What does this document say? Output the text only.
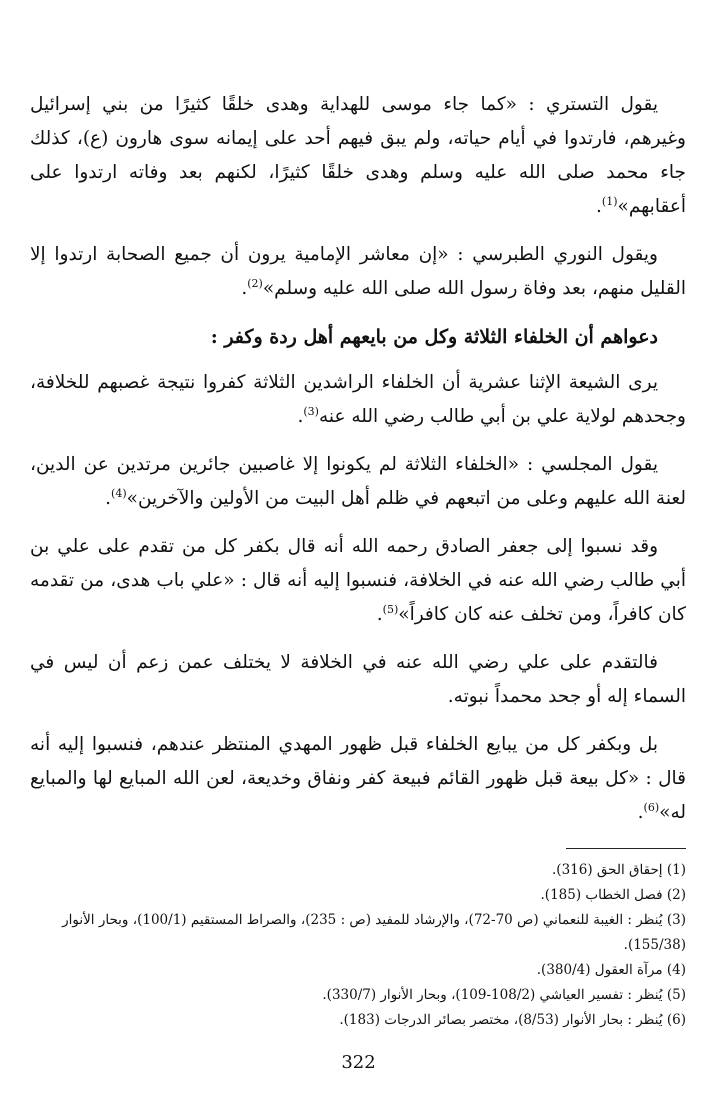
يقول التستري : «كما جاء موسى للهداية وهدى خلقًا كثيرًا من بني إسرائيل وغيرهم، فارتدوا في أيام حياته، ولم يبق فيهم أحد على إيمانه سوى هارون (ع)، كذلك جاء محمد صلى الله عليه وسلم وهدى خلقًا كثيرًا، لكنهم بعد وفاته ارتدوا على أعقابهم»$^{(1)}$.

ويقول النوري الطبرسي : «إن معاشر الإمامية يرون أن جميع الصحابة ارتدوا إلا القليل منهم، بعد وفاة رسول الله صلى الله عليه وسلم»$^{(2)}$.

دعواهم أن الخلفاء الثلاثة وكل من بايعهم أهل ردة وكفر :

يرى الشيعة الإثنا عشرية أن الخلفاء الراشدين الثلاثة كفروا نتيجة غصبهم للخلافة، وجحدهم لولاية علي بن أبي طالب رضي الله عنه$^{(3)}$.

يقول المجلسي : «الخلفاء الثلاثة لم يكونوا إلا غاصبين جائرين مرتدين عن الدين، لعنة الله عليهم وعلى من اتبعهم في ظلم أهل البيت من الأولين والآخرين»$^{(4)}$.

وقد نسبوا إلى جعفر الصادق رحمه الله أنه قال بكفر كل من تقدم على علي بن أبي طالب رضي الله عنه في الخلافة، فنسبوا إليه أنه قال : «علي باب هدى، من تقدمه كان كافراً، ومن تخلف عنه كان كافراً»$^{(5)}$.

فالتقدم على علي رضي الله عنه في الخلافة لا يختلف عمن زعم أن ليس في السماء إله أو جحد محمداً نبوته.

بل وبكفر كل من يبايع الخلفاء قبل ظهور المهدي المنتظر عندهم، فنسبوا إليه أنه قال : «كل بيعة قبل ظهور القائم فبيعة كفر ونفاق وخديعة، لعن الله المبايع لها والمبايع له»$^{(6)}$.

(1) إحقاق الحق (316).

(2) فصل الخطاب (185).

(3) يُنظر : الغيبة للنعماني (ص 70-72)، والإرشاد للمفيد (ص : 235)، والصراط المستقيم (100/1)، وبحار الأنوار (155/38).

(4) مرآة العقول (380/4).

(5) يُنظر : تفسير العياشي (108/2-109)، وبحار الأنوار (330/7).

(6) يُنظر : بحار الأنوار (8/53)، مختصر بصائر الدرجات (183).

322
